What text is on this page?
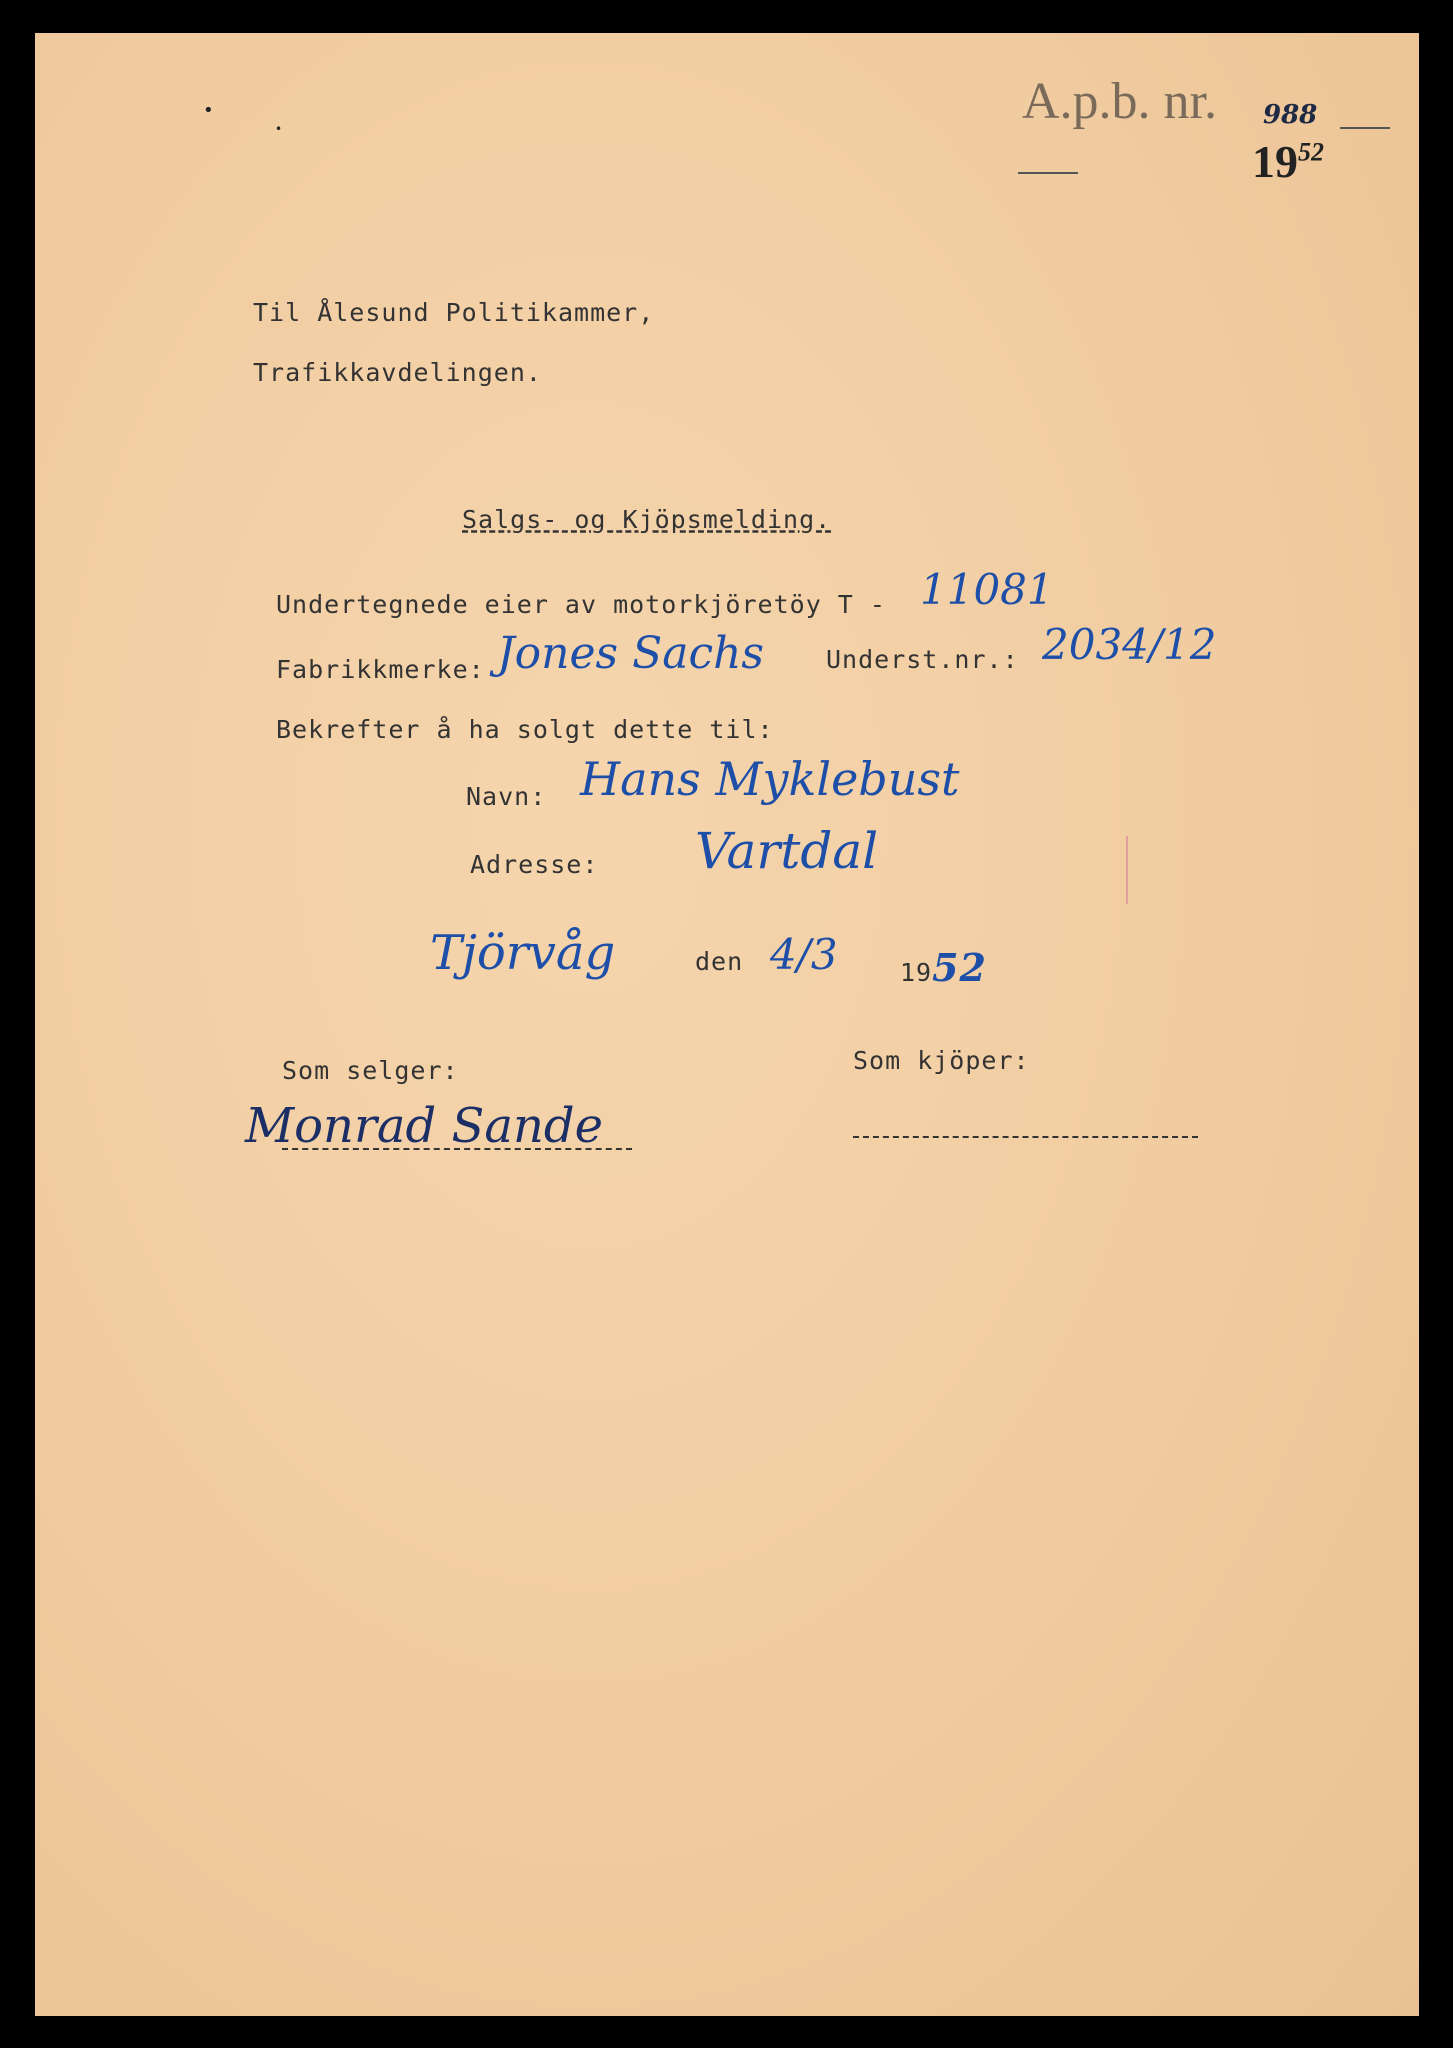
A.p.b. nr. 988
$19^{52}$
•
•
Til Ålesund Politikammer,
Trafikkavdelingen.
Salgs- og Kjöpsmelding.
Undertegnede eier av motorkjöretöy T - 11081
Fabrikkmerke: Jones Sachs Underst.nr.: 2034/12
Bekrefter å ha solgt dette til:
Navn: Hans Myklebust
Adresse: Vartdal
Tjörvåg	den 4/3 1952
Som selger:
Monrad Sande
Som kjöper:
